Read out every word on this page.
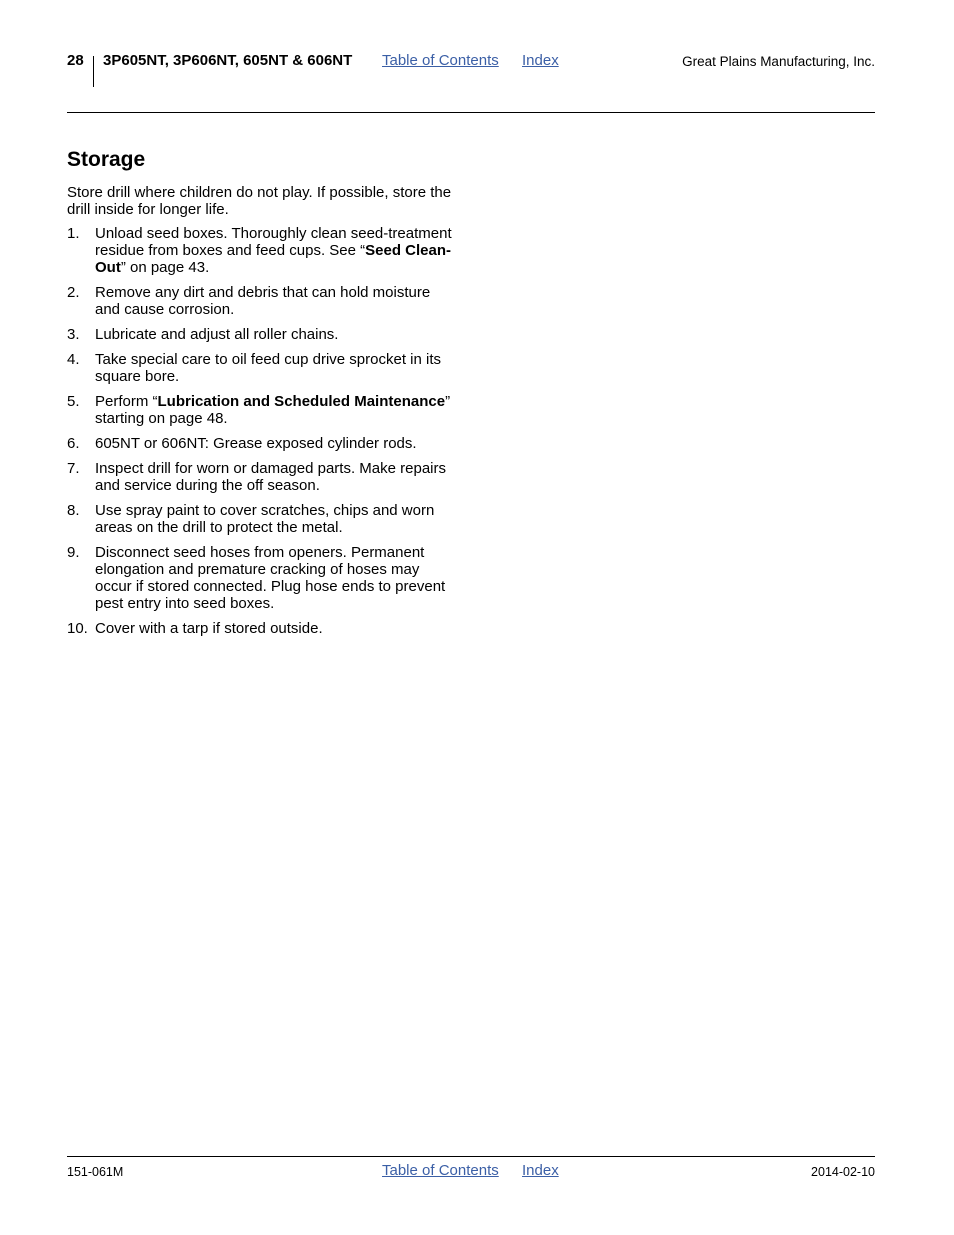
28 3P605NT, 3P606NT, 605NT & 606NT Table of Contents Index	Great Plains Manufacturing, Inc.
Storage

Store drill where children do not play. If possible, store the drill inside for longer life.

1. Unload seed boxes. Thoroughly clean seed-treatment residue from boxes and feed cups. See “Seed Clean-Out” on page 43.
2. Remove any dirt and debris that can hold moisture and cause corrosion.
3. Lubricate and adjust all roller chains.
4. Take special care to oil feed cup drive sprocket in its square bore.
5. Perform “Lubrication and Scheduled Maintenance” starting on page 48.
6. 605NT or 606NT: Grease exposed cylinder rods.
7. Inspect drill for worn or damaged parts. Make repairs and service during the off season.
8. Use spray paint to cover scratches, chips and worn areas on the drill to protect the metal.
9. Disconnect seed hoses from openers. Permanent elongation and premature cracking of hoses may occur if stored connected. Plug hose ends to prevent pest entry into seed boxes.
10. Cover with a tarp if stored outside.
151-061M	Table of Contents Index	2014-02-10
